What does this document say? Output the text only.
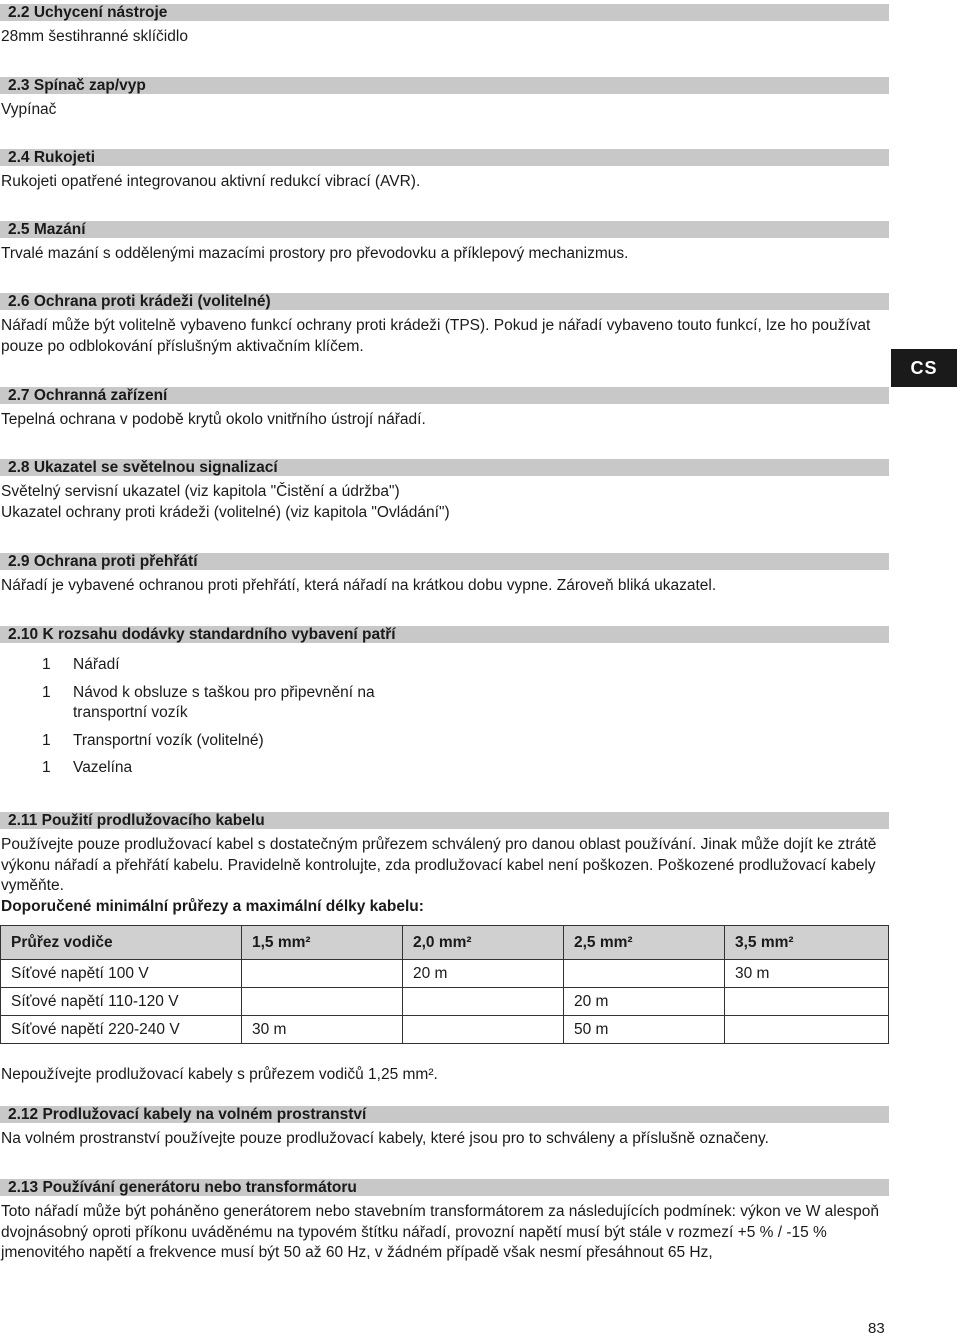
2.2 Uchycení nástroje
28mm šestihranné sklíčidlo
2.3 Spínač zap/vyp
Vypínač
2.4 Rukojeti
Rukojeti opatřené integrovanou aktivní redukcí vibrací (AVR).
2.5 Mazání
Trvalé mazání s oddělenými mazacími prostory pro převodovku a příklepový mechanizmus.
2.6 Ochrana proti krádeži (volitelné)
Nářadí může být volitelně vybaveno funkcí ochrany proti krádeži (TPS). Pokud je nářadí vybaveno touto funkcí, lze ho používat pouze po odblokování příslušným aktivačním klíčem.
2.7 Ochranná zařízení
Tepelná ochrana v podobě krytů okolo vnitřního ústrojí nářadí.
2.8 Ukazatel se světelnou signalizací
Světelný servisní ukazatel (viz kapitola "Čistění a údržba")
Ukazatel ochrany proti krádeži (volitelné) (viz kapitola "Ovládání")
2.9 Ochrana proti přehřátí
Nářadí je vybavené ochranou proti přehřátí, která nářadí na krátkou dobu vypne. Zároveň bliká ukazatel.
2.10 K rozsahu dodávky standardního vybavení patří
1	Nářadí
1	Návod k obsluze s taškou pro připevnění na transportní vozík
1	Transportní vozík (volitelné)
1	Vazelína
2.11 Použití prodlužovacího kabelu
Používejte pouze prodlužovací kabel s dostatečným průřezem schválený pro danou oblast používání. Jinak může dojít ke ztrátě výkonu nářadí a přehřátí kabelu. Pravidelně kontrolujte, zda prodlužovací kabel není poškozen. Poškozené prodlužovací kabely vyměňte.
Doporučené minimální průřezy a maximální délky kabelu:
Průřez vodiče	1,5 mm²	2,0 mm²	2,5 mm²	3,5 mm²
Síťové napětí 100 V		20 m		30 m
Síťové napětí 110-120 V			20 m	
Síťové napětí 220-240 V	30 m		50 m	
Nepoužívejte prodlužovací kabely s průřezem vodičů 1,25 mm².
2.12 Prodlužovací kabely na volném prostranství
Na volném prostranství používejte pouze prodlužovací kabely, které jsou pro to schváleny a příslušně označeny.
2.13 Používání generátoru nebo transformátoru
Toto nářadí může být poháněno generátorem nebo stavebním transformátorem za následujících podmínek: výkon ve W alespoň dvojnásobný oproti příkonu uváděnému na typovém štítku nářadí, provozní napětí musí být stále v rozmezí +5 % / -15 % jmenovitého napětí a frekvence musí být 50 až 60 Hz, v žádném případě však nesmí přesáhnout 65 Hz,
CS
83
